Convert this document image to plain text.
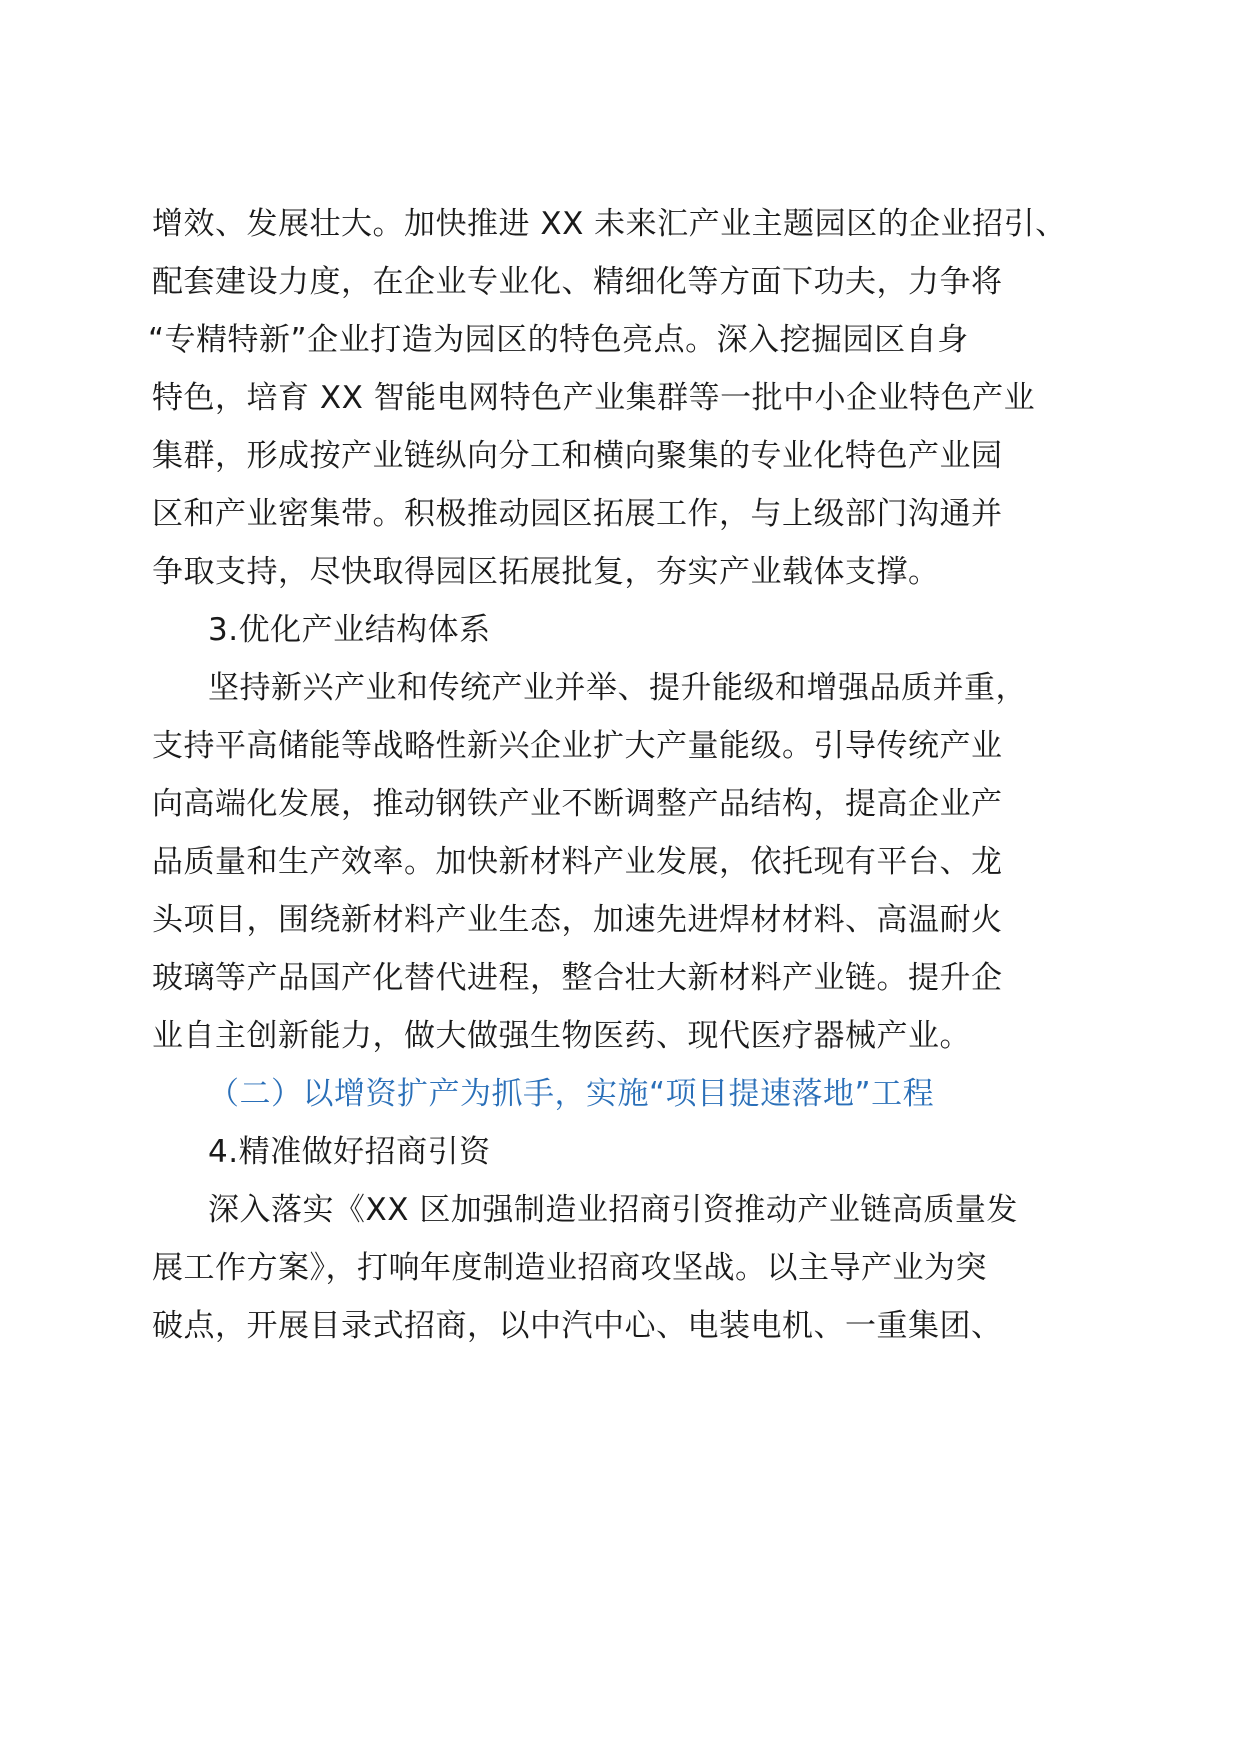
增效、发展壮大。加快推进 XX 未来汇产业主题园区的企业招引、
配套建设力度，在企业专业化、精细化等方面下功夫，力争将
“专精特新”企业打造为园区的特色亮点。深入挖掘园区自身
特色，培育 XX 智能电网特色产业集群等一批中小企业特色产业
集群，形成按产业链纵向分工和横向聚集的专业化特色产业园
区和产业密集带。积极推动园区拓展工作，与上级部门沟通并
争取支持，尽快取得园区拓展批复，夯实产业载体支撑。
3.优化产业结构体系
坚持新兴产业和传统产业并举、提升能级和增强品质并重，
支持平高储能等战略性新兴企业扩大产量能级。引导传统产业
向高端化发展，推动钢铁产业不断调整产品结构，提高企业产
品质量和生产效率。加快新材料产业发展，依托现有平台、龙
头项目，围绕新材料产业生态，加速先进焊材材料、高温耐火
玻璃等产品国产化替代进程，整合壮大新材料产业链。提升企
业自主创新能力，做大做强生物医药、现代医疗器械产业。
（二）以增资扩产为抓手，实施“项目提速落地”工程
4.精准做好招商引资
深入落实《XX 区加强制造业招商引资推动产业链高质量发
展工作方案》，打响年度制造业招商攻坚战。以主导产业为突
破点，开展目录式招商，以中汽中心、电装电机、一重集团、
